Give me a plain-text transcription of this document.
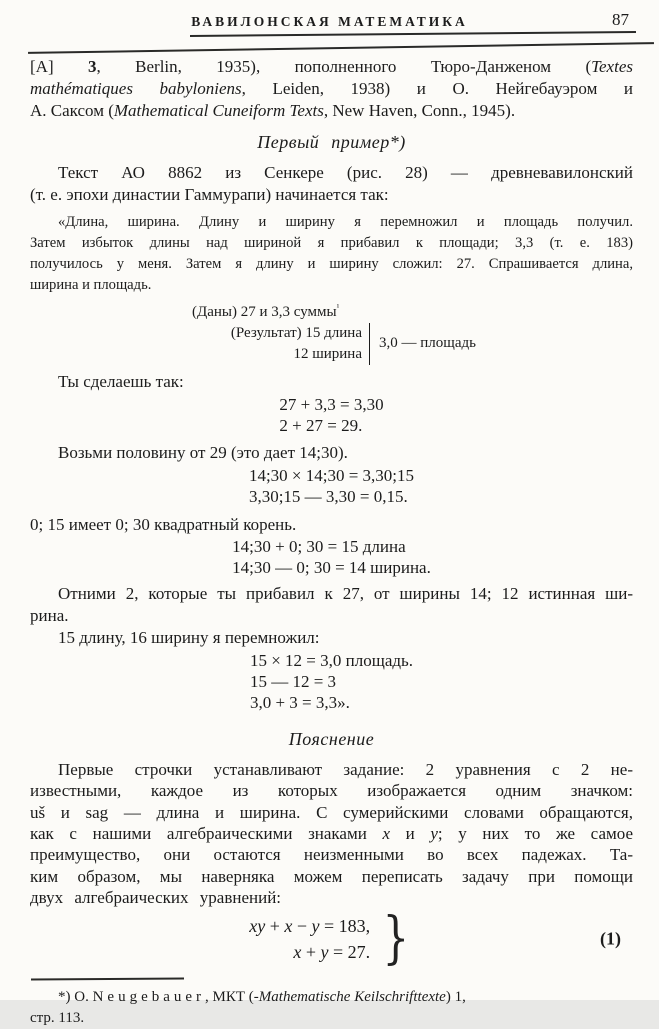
ВАВИЛОНСКАЯ МАТЕМАТИКА	87
[А] 3, Berlin, 1935), пополненного Тюро-Данженом (Textes
mathématiques babyloniens, Leiden, 1938) и О. Нейгебауэром и
А. Саксом (Mathematical Cuneiform Texts, New Haven, Conn., 1945).
Первый пример*)
Текст АО 8862 из Сенкере (рис. 28) — древневавилонский
(т. е. эпохи династии Гаммурапи) начинается так:
«Длина, ширина. Длину и ширину я перемножил и площадь получил.
Затем избыток длины над шириной я прибавил к площади; 3,3 (т. е. 183)
получилось у меня. Затем я длину и ширину сложил: 27. Спрашивается длина,
ширина и площадь.
(Даны) 27 и 3,3 суммы$^{^1}$
(Результат) 15 длина
12 ширина
3,0 — площадь
Ты сделаешь так:
27 + 3,3 = 3,30
2 + 27 = 29.
Возьми половину от 29 (это дает 14;30).
14;30 × 14;30 = 3,30;15
3,30;15 — 3,30 = 0,15.
0; 15 имеет 0; 30 квадратный корень.
14;30 + 0; 30 = 15 длина
14;30 — 0; 30 = 14 ширина.
Отними 2, которые ты прибавил к 27, от ширины 14; 12 истинная ши-
рина.
15 длину, 16 ширину я перемножил:
15 × 12 = 3,0 площадь.
15 — 12 = 3
3,0 + 3 = 3,3».
Пояснение
Первые строчки устанавливают задание: 2 уравнения с 2 не-
известными, каждое из которых изображается одним значком:
uš и sag — длина и ширина. С сумерийскими словами обращаются,
как с нашими алгебраическими знаками x и y; у них то же самое
преимущество, они остаются неизменными во всех падежах. Та-
ким образом, мы наверняка можем переписать задачу при помощи
двух алгебраических уравнений:
xy + x − y = 183,
x + y = 27. }	(1)
*) О. Neugebauer, МКТ (-Mathematische Keilschrifttexte) 1,
стр. 113.
